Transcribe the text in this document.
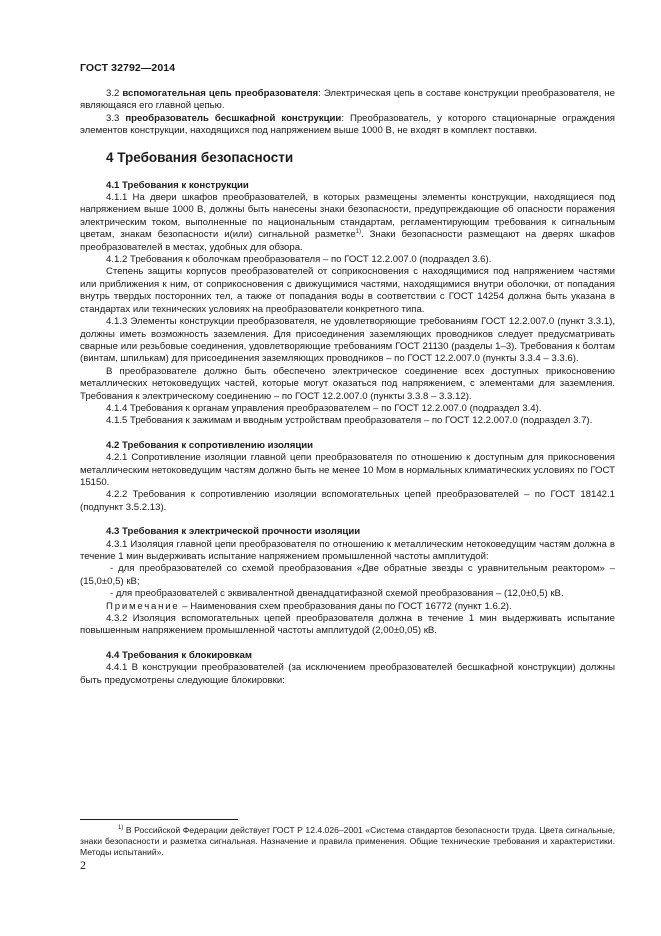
ГОСТ 32792—2014

3.2 вспомогательная цепь преобразователя: Электрическая цепь в составе конструкции преобразователя, не являющаяся его главной цепью.

3.3 преобразователь бесшкафной конструкции: Преобразователь, у которого стационарные ограждения элементов конструкции, находящихся под напряжением выше 1000 В, не входят в комплект поставки.

4 Требования безопасности

4.1 Требования к конструкции

4.1.1 На двери шкафов преобразователей, в которых размещены элементы конструкции, находящиеся под напряжением выше 1000 В, должны быть нанесены знаки безопасности, предупреждающие об опасности поражения электрическим током, выполненные по национальным стандартам, регламентирующим требования к сигнальным цветам, знакам безопасности и(или) сигнальной разметке$^{1)}$. Знаки безопасности размещают на дверях шкафов преобразователей в местах, удобных для обзора.

4.1.2 Требования к оболочкам преобразователя – по ГОСТ 12.2.007.0 (подраздел 3.6).

Степень защиты корпусов преобразователей от соприкосновения с находящимися под напряжением частями или приближения к ним, от соприкосновения с движущимися частями, находящимися внутри оболочки, от попадания внутрь твердых посторонних тел, а также от попадания воды в соответствии с ГОСТ 14254 должна быть указана в стандартах или технических условиях на преобразователи конкретного типа.

4.1.3 Элементы конструкции преобразователя, не удовлетворяющие требованиям ГОСТ 12.2.007.0 (пункт 3.3.1), должны иметь возможность заземления. Для присоединения заземляющих проводников следует предусматривать сварные или резьбовые соединения, удовлетворяющие требованиям ГОСТ 21130 (разделы 1–3). Требования к болтам (винтам, шпилькам) для присоединения заземляющих проводников – по ГОСТ 12.2.007.0 (пункты 3.3.4 – 3.3.6).

В преобразователе должно быть обеспечено электрическое соединение всех доступных прикосновению металлических нетоковедущих частей, которые могут оказаться под напряжением, с элементами для заземления. Требования к электрическому соединению – по ГОСТ 12.2.007.0 (пункты 3.3.8 – 3.3.12).

4.1.4 Требования к органам управления преобразователем – по ГОСТ 12.2.007.0 (подраздел 3.4).

4.1.5 Требования к зажимам и вводным устройствам преобразователя – по ГОСТ 12.2.007.0 (подраздел 3.7).

4.2 Требования к сопротивлению изоляции

4.2.1 Сопротивление изоляции главной цепи преобразователя по отношению к доступным для прикосновения металлическим нетоковедущим частям должно быть не менее 10 Мом в нормальных климатических условиях по ГОСТ 15150.

4.2.2 Требования к сопротивлению изоляции вспомогательных цепей преобразователей – по ГОСТ 18142.1 (подпункт 3.5.2.13).

4.3 Требования к электрической прочности изоляции

4.3.1 Изоляция главной цепи преобразователя по отношению к металлическим нетоковедущим частям должна в течение 1 мин выдерживать испытание напряжением промышленной частоты амплитудой:

- для преобразователей со схемой преобразования «Две обратные звезды с уравнительным реактором» – (15,0±0,5) кВ;

- для преобразователей с эквивалентной двенадцатифазной схемой преобразования – (12,0±0,5) кВ.

Примечание – Наименования схем преобразования даны по ГОСТ 16772 (пункт 1.6.2).

4.3.2 Изоляция вспомогательных цепей преобразователя должна в течение 1 мин выдерживать испытание повышенным напряжением промышленной частоты амплитудой (2,00±0,05) кВ.

4.4 Требования к блокировкам

4.4.1 В конструкции преобразователей (за исключением преобразователей бесшкафной конструкции) должны быть предусмотрены следующие блокировки:

$^{1)}$ В Российской Федерации действует ГОСТ Р 12.4.026–2001 «Система стандартов безопасности труда. Цвета сигнальные, знаки безопасности и разметка сигнальная. Назначение и правила применения. Общие технические требования и характеристики. Методы испытаний».

2
